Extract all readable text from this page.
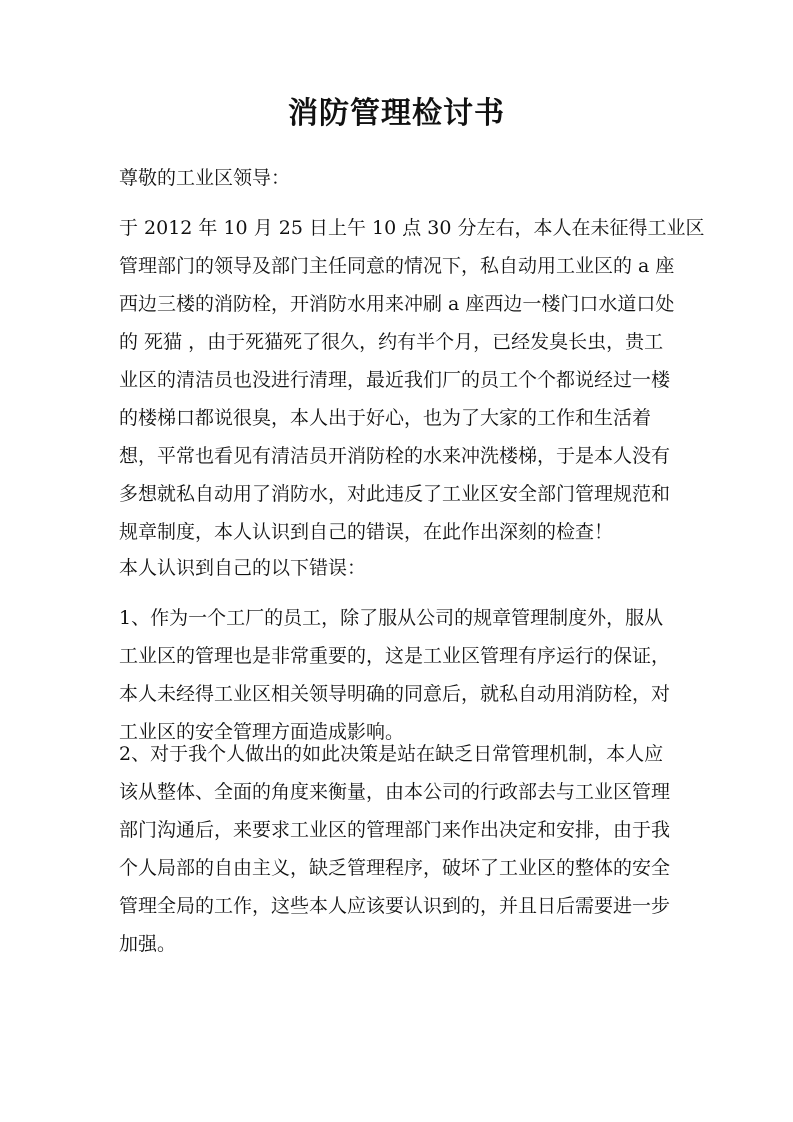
消防管理检讨书
尊敬的工业区领导：
于 2012 年 10 月 25 日上午 10 点 30 分左右，本人在未征得工业区
管理部门的领导及部门主任同意的情况下，私自动用工业区的 a 座
西边三楼的消防栓，开消防水用来冲刷 a 座西边一楼门口水道口处
的 死猫 ，由于死猫死了很久，约有半个月，已经发臭长虫，贵工
业区的清洁员也没进行清理，最近我们厂的员工个个都说经过一楼
的楼梯口都说很臭，本人出于好心，也为了大家的工作和生活着
想，平常也看见有清洁员开消防栓的水来冲洗楼梯，于是本人没有
多想就私自动用了消防水，对此违反了工业区安全部门管理规范和
规章制度，本人认识到自己的错误，在此作出深刻的检查！
本人认识到自己的以下错误：
1、作为一个工厂的员工，除了服从公司的规章管理制度外，服从
工业区的管理也是非常重要的，这是工业区管理有序运行的保证，
本人未经得工业区相关领导明确的同意后，就私自动用消防栓，对
工业区的安全管理方面造成影响。
2、对于我个人做出的如此决策是站在缺乏日常管理机制，本人应
该从整体、全面的角度来衡量，由本公司的行政部去与工业区管理
部门沟通后，来要求工业区的管理部门来作出决定和安排，由于我
个人局部的自由主义，缺乏管理程序，破坏了工业区的整体的安全
管理全局的工作，这些本人应该要认识到的，并且日后需要进一步
加强。
